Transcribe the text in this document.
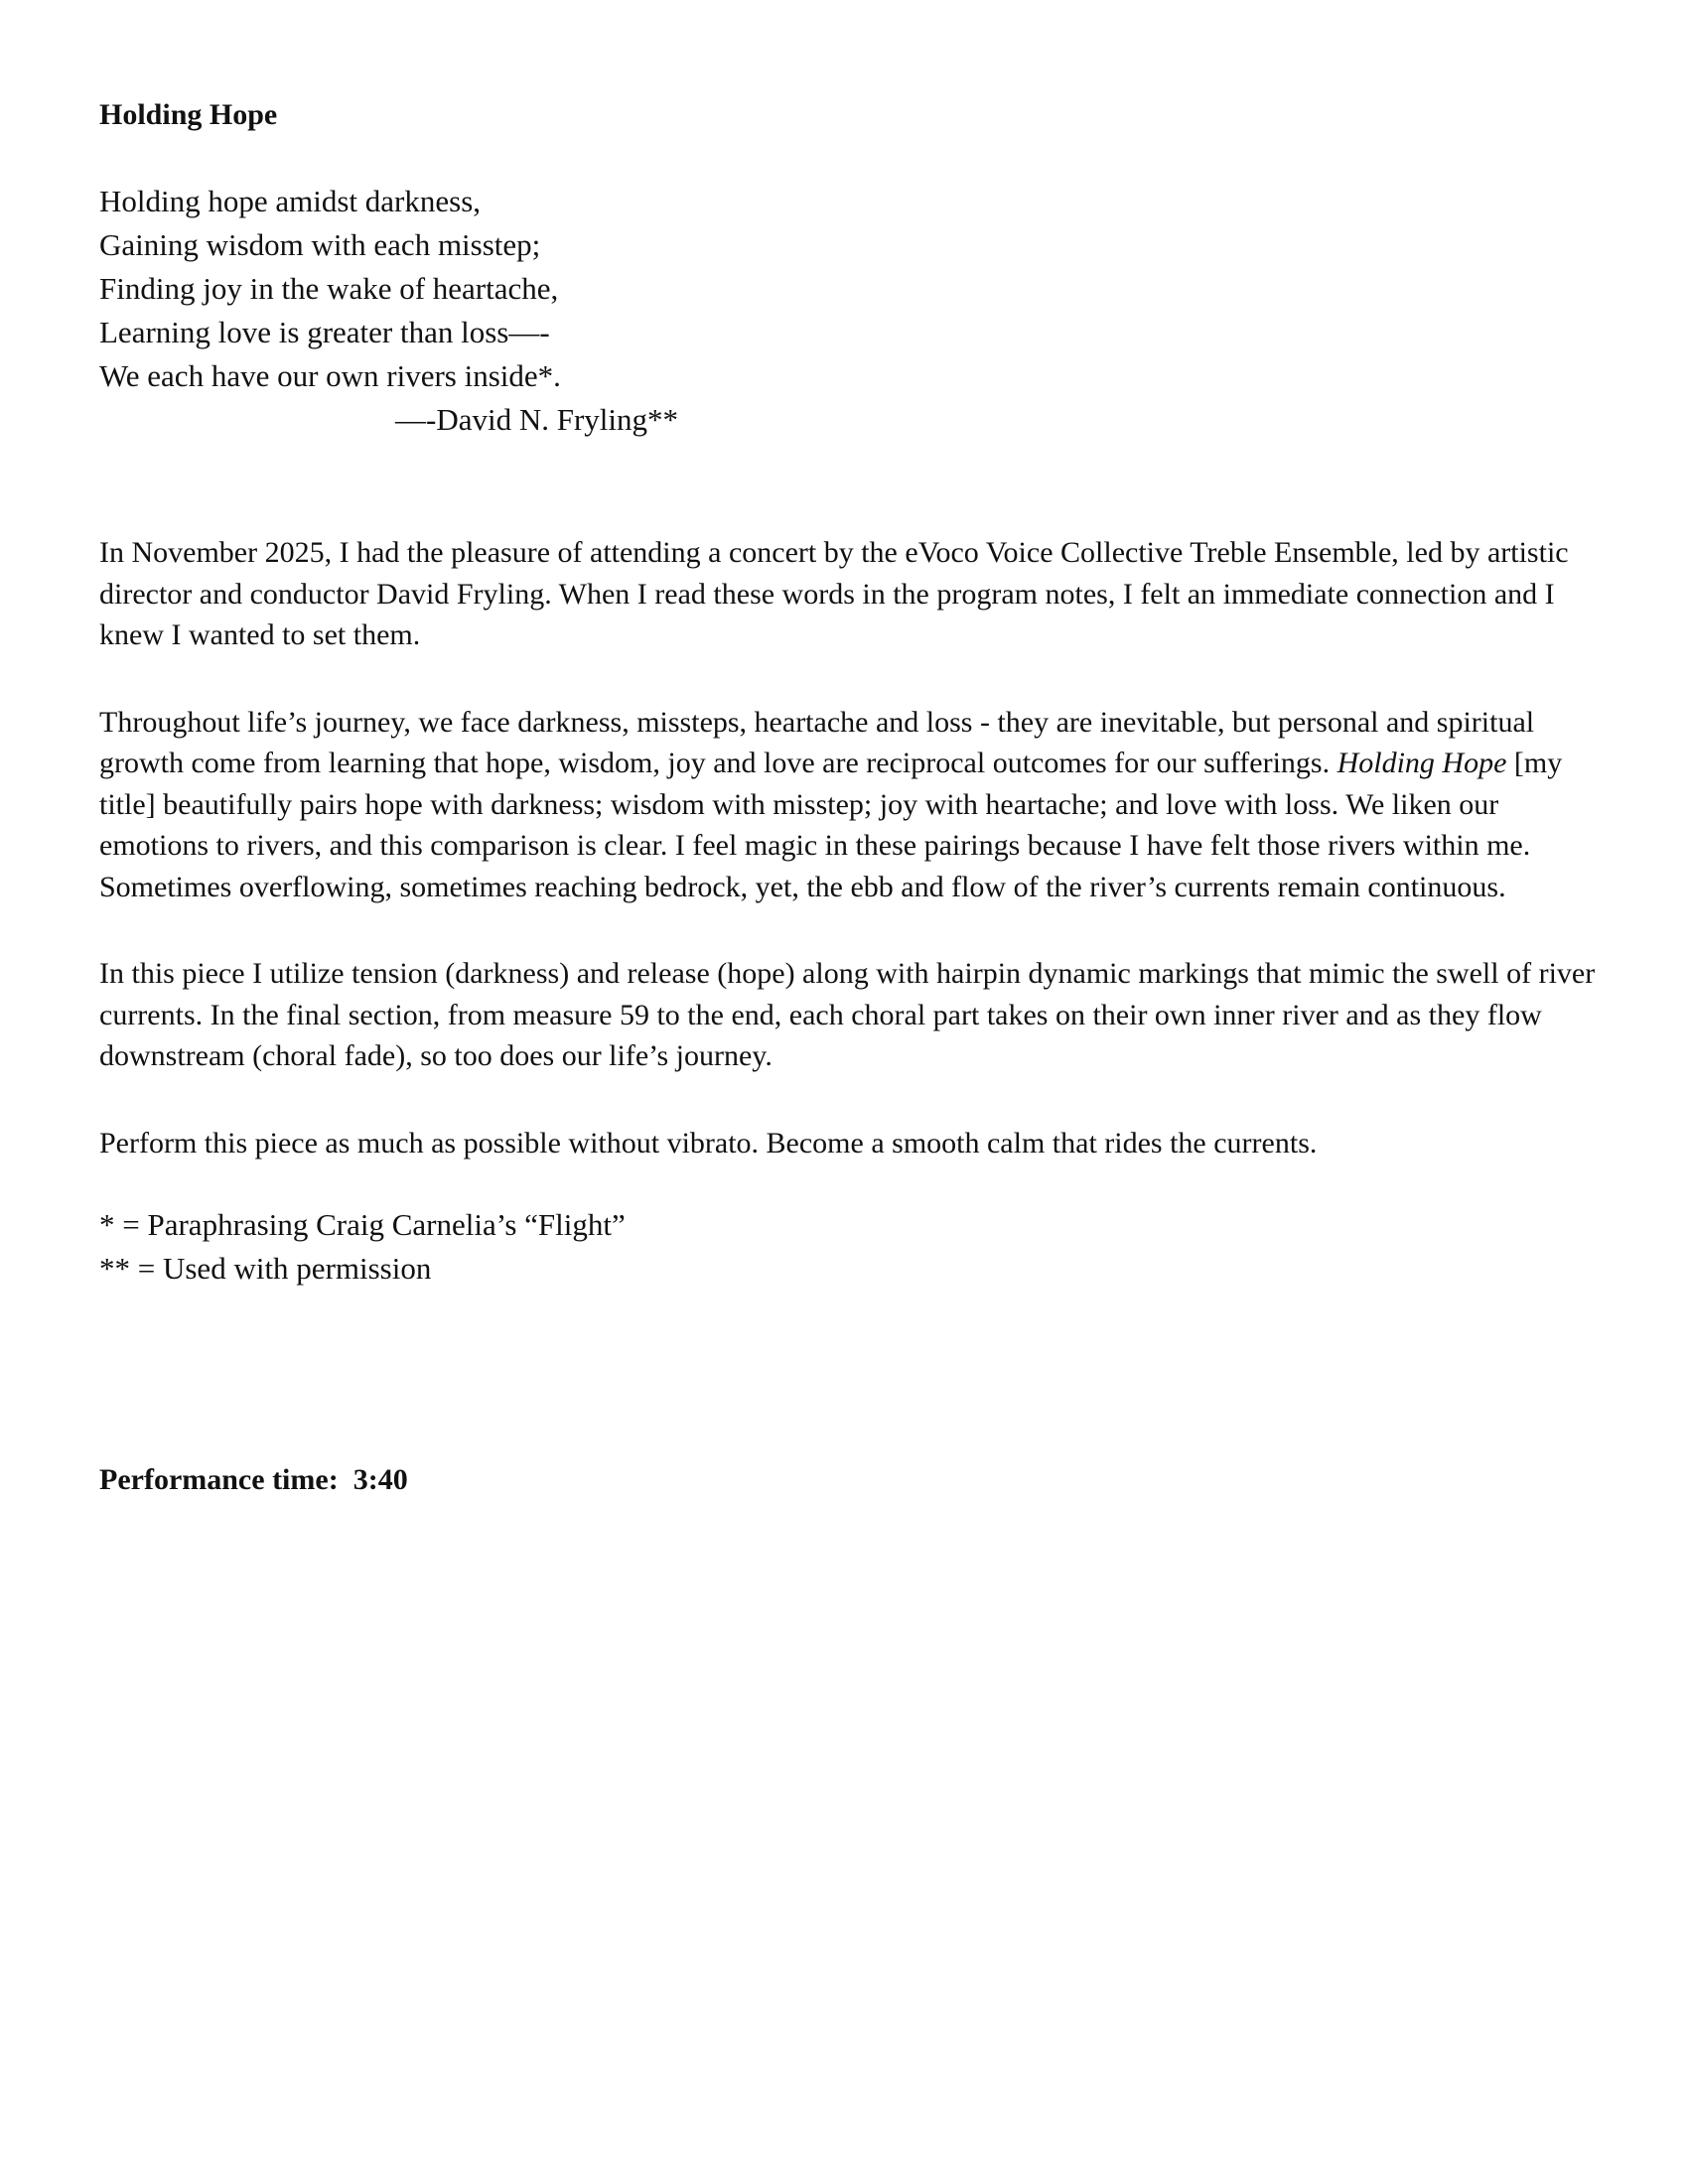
Holding Hope
Holding hope amidst darkness,
Gaining wisdom with each misstep;
Finding joy in the wake of heartache,
Learning love is greater than loss—-
We each have our own rivers inside*.
—-David N. Fryling**

In November 2025, I had the pleasure of attending a concert by the eVoco Voice Collective Treble Ensemble, led by artistic director and conductor David Fryling. When I read these words in the program notes, I felt an immediate connection and I knew I wanted to set them.

Throughout life’s journey, we face darkness, missteps, heartache and loss - they are inevitable, but personal and spiritual growth come from learning that hope, wisdom, joy and love are reciprocal outcomes for our sufferings. Holding Hope [my title] beautifully pairs hope with darkness; wisdom with misstep; joy with heartache; and love with loss. We liken our emotions to rivers, and this comparison is clear. I feel magic in these pairings because I have felt those rivers within me. Sometimes overflowing, sometimes reaching bedrock, yet, the ebb and flow of the river’s currents remain continuous.

In this piece I utilize tension (darkness) and release (hope) along with hairpin dynamic markings that mimic the swell of river currents. In the final section, from measure 59 to the end, each choral part takes on their own inner river and as they flow downstream (choral fade), so too does our life’s journey.

Perform this piece as much as possible without vibrato. Become a smooth calm that rides the currents.

* = Paraphrasing Craig Carnelia’s “Flight”
** = Used with permission
Performance time: 3:40
